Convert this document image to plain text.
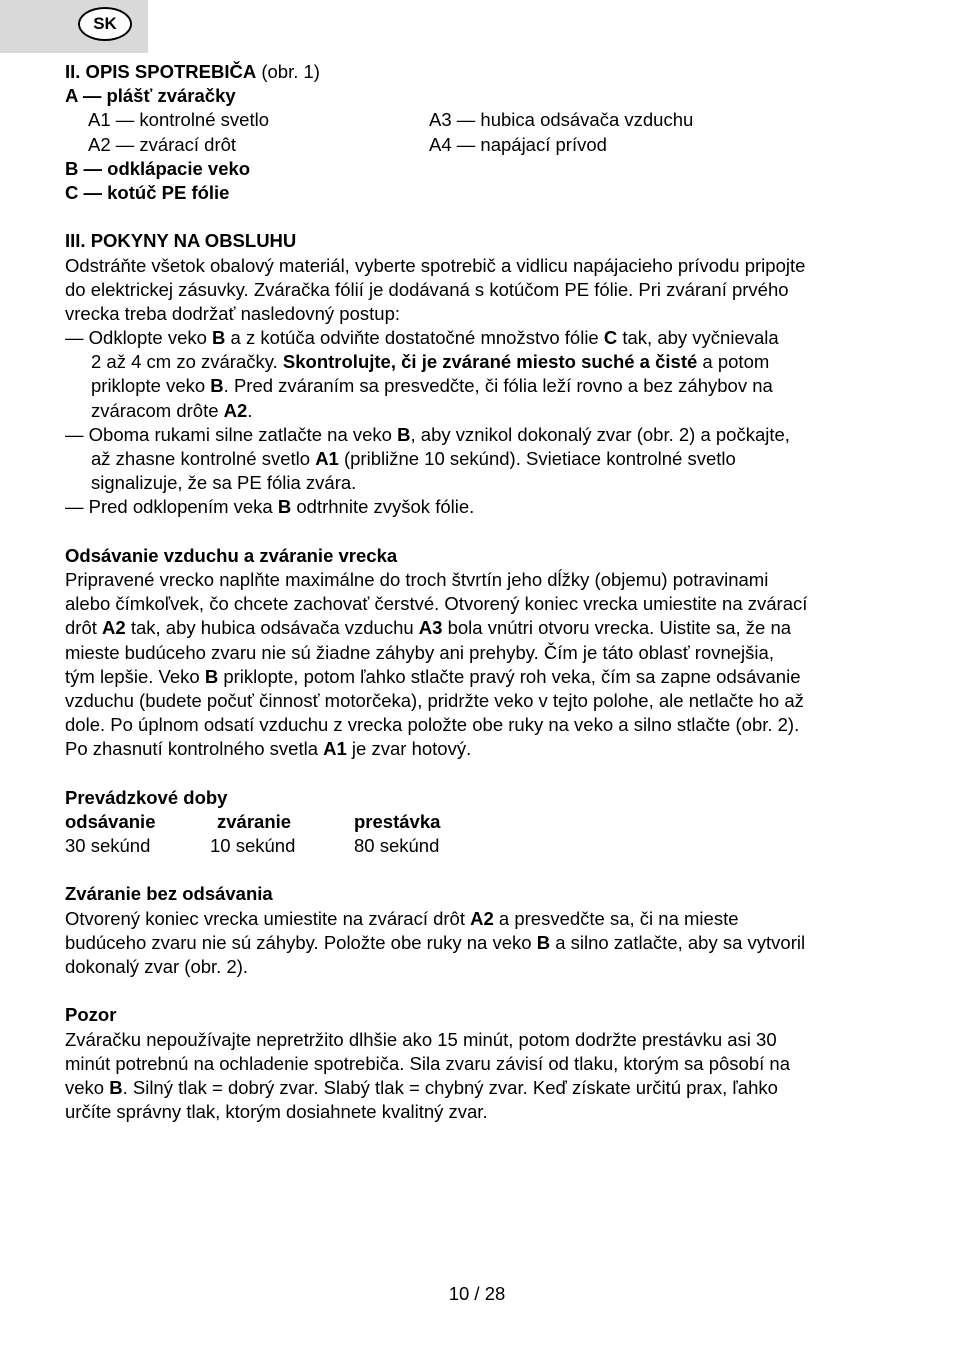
SK
II. OPIS SPOTREBIČA (obr. 1)
A — plášť zváračky
A1 — kontrolné svetlo	A3 — hubica odsávača vzduchu
A2 — zvárací drôt	A4 — napájací prívod
B — odklápacie veko
C — kotúč PE fólie
III. POKYNY NA OBSLUHU
Odstráňte všetok obalový materiál, vyberte spotrebič a vidlicu napájacieho prívodu pripojte
do elektrickej zásuvky. Zváračka fólií je dodávaná s kotúčom PE fólie. Pri zváraní prvého
vrecka treba dodržať nasledovný postup:
— Odklopte veko B a z kotúča odviňte dostatočné množstvo fólie C tak, aby vyčnievala
2 až 4 cm zo zváračky. Skontrolujte, či je zvárané miesto suché a čisté a potom
priklopte veko B. Pred zváraním sa presvedčte, či fólia leží rovno a bez záhybov na
zváracom drôte A2.
— Oboma rukami silne zatlačte na veko B, aby vznikol dokonalý zvar (obr. 2) a počkajte,
až zhasne kontrolné svetlo A1 (približne 10 sekúnd). Svietiace kontrolné svetlo
signalizuje, že sa PE fólia zvára.
— Pred odklopením veka B odtrhnite zvyšok fólie.
Odsávanie vzduchu a zváranie vrecka
Pripravené vrecko naplňte maximálne do troch štvrtín jeho dĺžky (objemu) potravinami
alebo čímkoľvek, čo chcete zachovať čerstvé. Otvorený koniec vrecka umiestite na zvárací
drôt A2 tak, aby hubica odsávača vzduchu A3 bola vnútri otvoru vrecka. Uistite sa, že na
mieste budúceho zvaru nie sú žiadne záhyby ani prehyby. Čím je táto oblasť rovnejšia,
tým lepšie. Veko B priklopte, potom ľahko stlačte pravý roh veka, čím sa zapne odsávanie
vzduchu (budete počuť činnosť motorčeka), pridržte veko v tejto polohe, ale netlačte ho až
dole. Po úplnom odsatí vzduchu z vrecka položte obe ruky na veko a silno stlačte (obr. 2).
Po zhasnutí kontrolného svetla A1 je zvar hotový.
Prevádzkové doby
odsávanie	zváranie	prestávka
30 sekúnd	10 sekúnd	80 sekúnd
Zváranie bez odsávania
Otvorený koniec vrecka umiestite na zvárací drôt A2 a presvedčte sa, či na mieste
budúceho zvaru nie sú záhyby. Položte obe ruky na veko B a silno zatlačte, aby sa vytvoril
dokonalý zvar (obr. 2).
Pozor
Zváračku nepoužívajte nepretržito dlhšie ako 15 minút, potom dodržte prestávku asi 30
minút potrebnú na ochladenie spotrebiča. Sila zvaru závisí od tlaku, ktorým sa pôsobí na
veko B. Silný tlak = dobrý zvar. Slabý tlak = chybný zvar. Keď získate určitú prax, ľahko
určíte správny tlak, ktorým dosiahnete kvalitný zvar.
10 / 28
